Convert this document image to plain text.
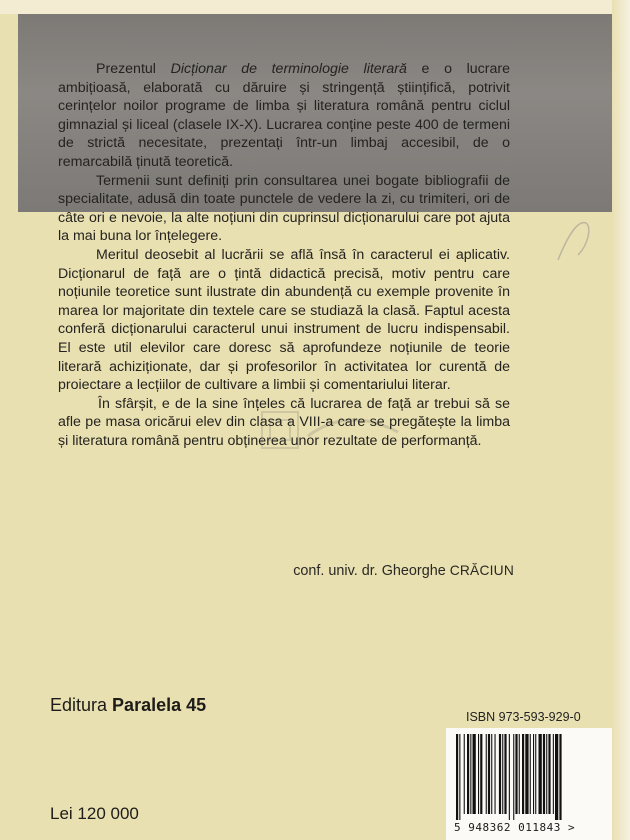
Prezentul Dicționar de terminologie literară e o lucrare ambițioasă, elaborată cu dăruire și stringență științifică, potrivit cerințelor noilor programe de limba și literatura română pentru ciclul gimnazial și liceal (clasele IX-X). Lucrarea conține peste 400 de termeni de strictă necesitate, prezentați într-un limbaj accesibil, de o remarcabilă ținută teoretică.

Termenii sunt definiți prin consultarea unei bogate bibliografii de specialitate, adusă din toate punctele de vedere la zi, cu trimiteri, ori de câte ori e nevoie, la alte noțiuni din cuprinsul dicționarului care pot ajuta la mai buna lor înțelegere.

Meritul deosebit al lucrării se află însă în caracterul ei aplicativ. Dicționarul de față are o țintă didactică precisă, motiv pentru care noțiunile teoretice sunt ilustrate din abundență cu exemple provenite în marea lor majoritate din textele care se studiază la clasă. Faptul acesta conferă dicționarului caracterul unui instrument de lucru indispensabil. El este util elevilor care doresc să aprofundeze noțiunile de teorie literară achiziționate, dar și profesorilor în activitatea lor curentă de proiectare a lecțiilor de cultivare a limbii și comentariului literar.

În sfârșit, e de la sine înțeles că lucrarea de față ar trebui să se afle pe masa oricărui elev din clasa a VIII-a care se pregătește la limba și literatura română pentru obținerea unor rezultate de performanță.

conf. univ. dr. Gheorghe CRĂCIUN
Editura Paralela 45
ISBN 973-593-929-0
5 948362 011843 >
Lei 120 000
